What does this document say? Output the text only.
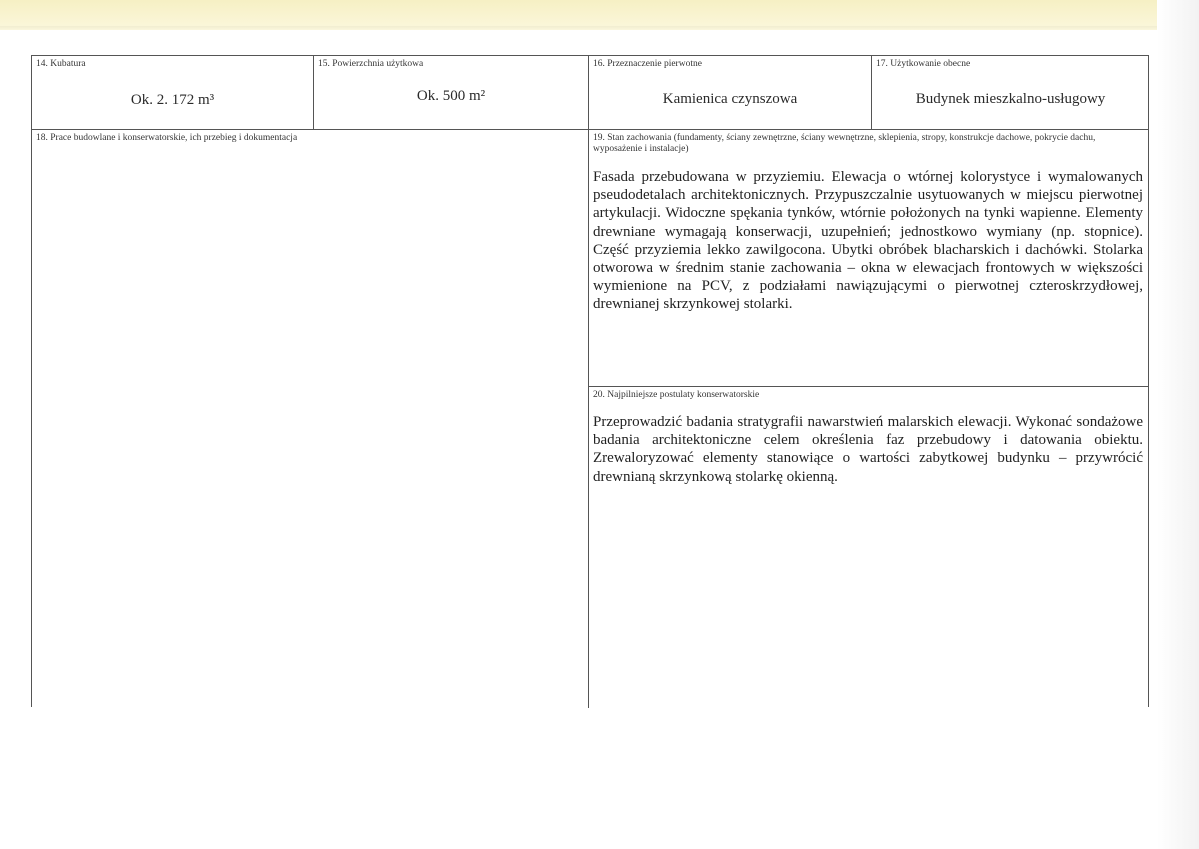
14. Kubatura
Ok. 2. 172 m³
15. Powierzchnia użytkowa
Ok. 500 m²
16. Przeznaczenie pierwotne
Kamienica czynszowa
17. Użytkowanie obecne
Budynek mieszkalno-usługowy
18. Prace budowlane i konserwatorskie, ich przebieg i dokumentacja	19. Stan zachowania (fundamenty, ściany zewnętrzne, ściany wewnętrzne, sklepienia, stropy, konstrukcje dachowe, pokrycie dachu, wyposażenie i instalacje)
Fasada przebudowana w przyziemiu. Elewacja o wtórnej kolorystyce i wymalowanych pseudodetalach architektonicznych. Przypuszczalnie usytuowanych w miejscu pierwotnej artykulacji. Widoczne spękania tynków, wtórnie położonych na tynki wapienne. Elementy drewniane wymagają konserwacji, uzupełnień; jednostkowo wymiany (np. stopnice). Część przyziemia lekko zawilgocona. Ubytki obróbek blacharskich i dachówki. Stolarka otworowa w średnim stanie zachowania – okna w elewacjach frontowych w większości wymienione na PCV, z podziałami nawiązującymi o pierwotnej czteroskrzydłowej, drewnianej skrzynkowej stolarki.
20. Najpilniejsze postulaty konserwatorskie
Przeprowadzić badania stratygrafii nawarstwień malarskich elewacji. Wykonać sondażowe badania architektoniczne celem określenia faz przebudowy i datowania obiektu. Zrewaloryzować elementy stanowiące o wartości zabytkowej budynku – przywrócić drewnianą skrzynkową stolarkę okienną.
